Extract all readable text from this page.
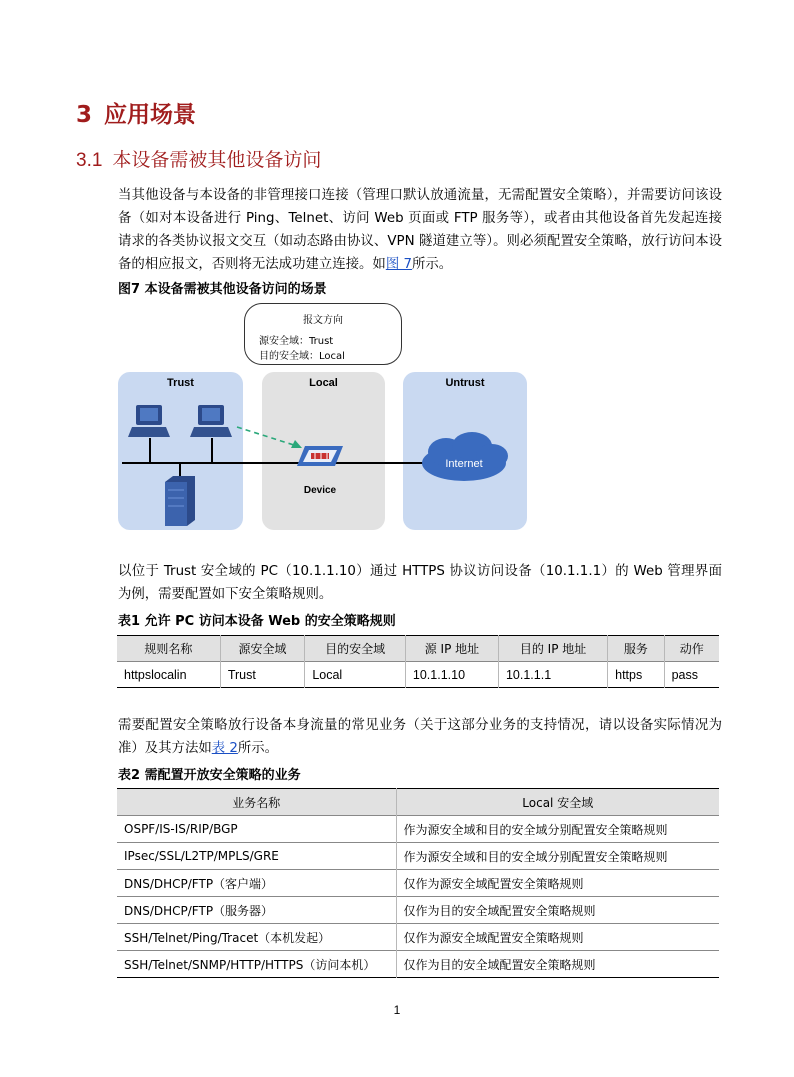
3 应用场景
3.1 本设备需被其他设备访问
当其他设备与本设备的非管理接口连接（管理口默认放通流量，无需配置安全策略），并需要访问该设备（如对本设备进行 Ping、Telnet、访问 Web 页面或 FTP 服务等），或者由其他设备首先发起连接请求的各类协议报文交互（如动态路由协议、VPN 隧道建立等）。则必须配置安全策略，放行访问本设备的相应报文，否则将无法成功建立连接。如图 7所示。
图7 本设备需被其他设备访问的场景
Trust	Local	Untrust
Internet
Device
报文方向
源安全域：Trust
目的安全域：Local
以位于 Trust 安全域的 PC（10.1.1.10）通过 HTTPS 协议访问设备（10.1.1.1）的 Web 管理界面为例，需要配置如下安全策略规则。
表1 允许 PC 访问本设备 Web 的安全策略规则
规则名称	源安全域	目的安全域	源 IP 地址	目的 IP 地址	服务	动作
httpslocalin	Trust	Local	10.1.1.10	10.1.1.1	https	pass
需要配置安全策略放行设备本身流量的常见业务（关于这部分业务的支持情况，请以设备实际情况为准）及其方法如表 2所示。
表2 需配置开放安全策略的业务
业务名称	Local 安全域
OSPF/IS-IS/RIP/BGP	作为源安全域和目的安全域分别配置安全策略规则
IPsec/SSL/L2TP/MPLS/GRE	作为源安全域和目的安全域分别配置安全策略规则
DNS/DHCP/FTP（客户端）	仅作为源安全域配置安全策略规则
DNS/DHCP/FTP（服务器）	仅作为目的安全域配置安全策略规则
SSH/Telnet/Ping/Tracet（本机发起）	仅作为源安全域配置安全策略规则
SSH/Telnet/SNMP/HTTP/HTTPS（访问本机）	仅作为目的安全域配置安全策略规则
1
